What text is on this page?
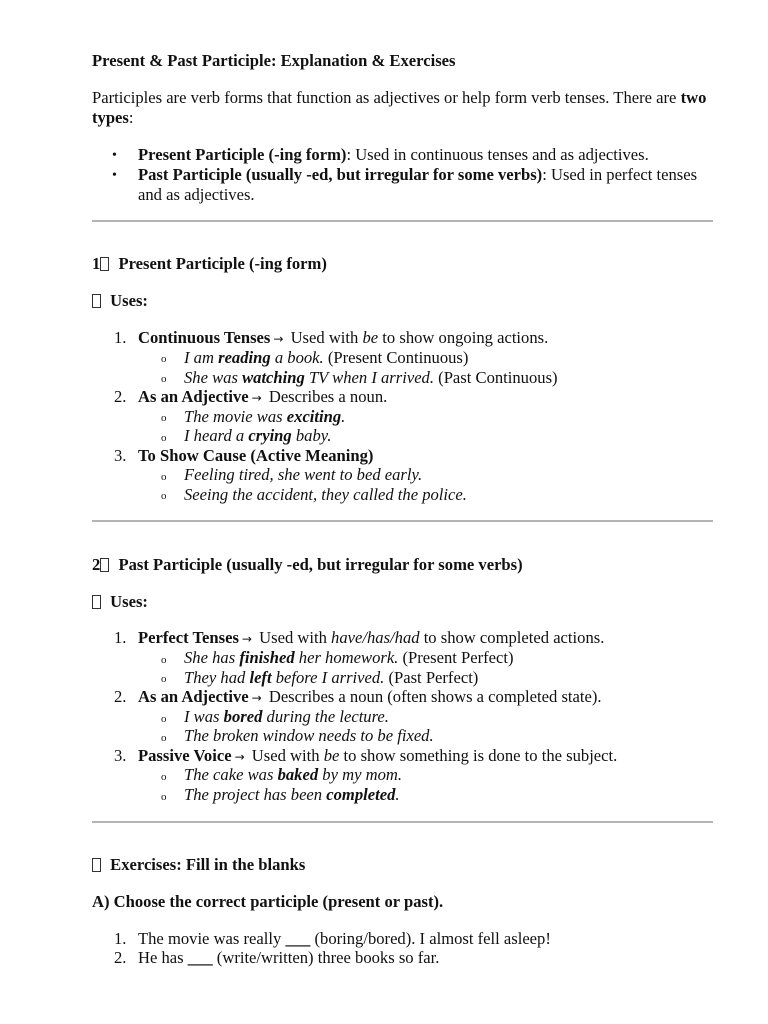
Present & Past Participle: Explanation & Exercises
Participles are verb forms that function as adjectives or help form verb tenses. There are two types:
• Present Participle (-ing form): Used in continuous tenses and as adjectives.
• Past Participle (usually -ed, but irregular for some verbs): Used in perfect tenses and as adjectives.
1 Present Participle (-ing form)
Uses:
1. Continuous Tenses → Used with be to show ongoing actions.
o I am reading a book. (Present Continuous)
o She was watching TV when I arrived. (Past Continuous)
2. As an Adjective → Describes a noun.
o The movie was exciting.
o I heard a crying baby.
3. To Show Cause (Active Meaning)
o Feeling tired, she went to bed early.
o Seeing the accident, they called the police.
2 Past Participle (usually -ed, but irregular for some verbs)
Uses:
1. Perfect Tenses → Used with have/has/had to show completed actions.
o She has finished her homework. (Present Perfect)
o They had left before I arrived. (Past Perfect)
2. As an Adjective → Describes a noun (often shows a completed state).
o I was bored during the lecture.
o The broken window needs to be fixed.
3. Passive Voice → Used with be to show something is done to the subject.
o The cake was baked by my mom.
o The project has been completed.
Exercises: Fill in the blanks
A) Choose the correct participle (present or past).
1. The movie was really ___ (boring/bored). I almost fell asleep!
2. He has ___ (write/written) three books so far.
